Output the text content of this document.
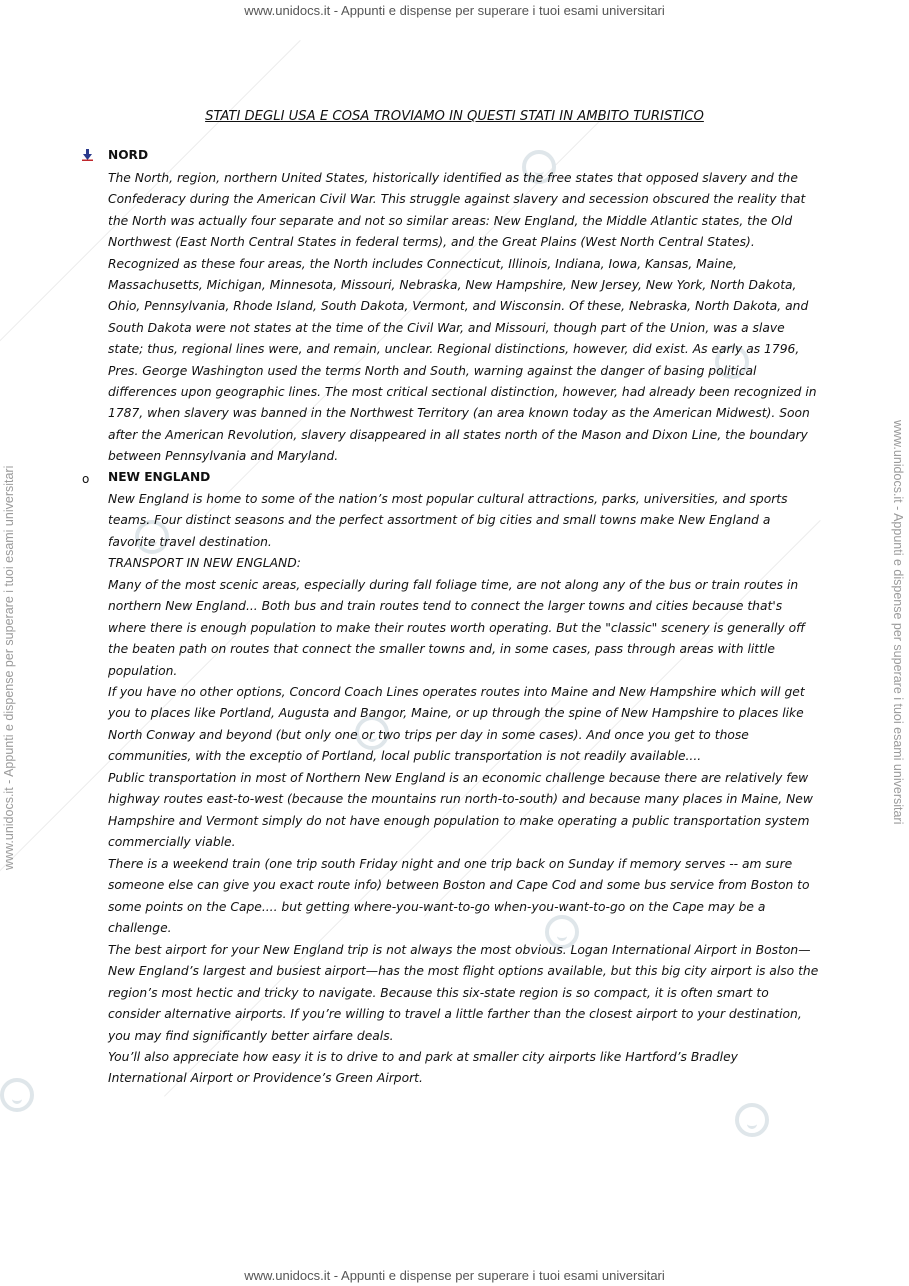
www.unidocs.it - Appunti e dispense per superare i tuoi esami universitari
www.unidocs.it - Appunti e dispense per superare i tuoi esami universitari
www.unidocs.it - Appunti e dispense per superare i tuoi esami universitari	www.unidocs.it - Appunti e dispense per superare i tuoi esami universitari
STATI DEGLI USA E COSA TROVIAMO IN QUESTI STATI IN AMBITO TURISTICO
NORD
The North, region, northern United States, historically identified as the free states that opposed slavery and the Confederacy during the American Civil War. This struggle against slavery and secession obscured the reality that the North was actually four separate and not so similar areas: New England, the Middle Atlantic states, the Old Northwest (East North Central States in federal terms), and the Great Plains (West North Central States). Recognized as these four areas, the North includes Connecticut, Illinois, Indiana, Iowa, Kansas, Maine, Massachusetts, Michigan, Minnesota, Missouri, Nebraska, New Hampshire, New Jersey, New York, North Dakota, Ohio, Pennsylvania, Rhode Island, South Dakota, Vermont, and Wisconsin. Of these, Nebraska, North Dakota, and South Dakota were not states at the time of the Civil War, and Missouri, though part of the Union, was a slave state; thus, regional lines were, and remain, unclear. Regional distinctions, however, did exist. As early as 1796, Pres. George Washington used the terms North and South, warning against the danger of basing political differences upon geographic lines. The most critical sectional distinction, however, had already been recognized in 1787, when slavery was banned in the Northwest Territory (an area known today as the American Midwest). Soon after the American Revolution, slavery disappeared in all states north of the Mason and Dixon Line, the boundary between Pennsylvania and Maryland.
o NEW ENGLAND
New England is home to some of the nation’s most popular cultural attractions, parks, universities, and sports teams. Four distinct seasons and the perfect assortment of big cities and small towns make New England a favorite travel destination.
TRANSPORT IN NEW ENGLAND:
Many of the most scenic areas, especially during fall foliage time, are not along any of the bus or train routes in northern New England... Both bus and train routes tend to connect the larger towns and cities because that's where there is enough population to make their routes worth operating. But the "classic" scenery is generally off the beaten path on routes that connect the smaller towns and, in some cases, pass through areas with little population.
If you have no other options, Concord Coach Lines operates routes into Maine and New Hampshire which will get you to places like Portland, Augusta and Bangor, Maine, or up through the spine of New Hampshire to places like North Conway and beyond (but only one or two trips per day in some cases). And once you get to those communities, with the exceptio of Portland, local public transportation is not readily available....
Public transportation in most of Northern New England is an economic challenge because there are relatively few highway routes east-to-west (because the mountains run north-to-south) and because many places in Maine, New Hampshire and Vermont simply do not have enough population to make operating a public transportation system commercially viable.
There is a weekend train (one trip south Friday night and one trip back on Sunday if memory serves -- am sure someone else can give you exact route info) between Boston and Cape Cod and some bus service from Boston to some points on the Cape.... but getting where-you-want-to-go when-you-want-to-go on the Cape may be a challenge.
The best airport for your New England trip is not always the most obvious. Logan International Airport in Boston—New England’s largest and busiest airport—has the most flight options available, but this big city airport is also the region’s most hectic and tricky to navigate. Because this six-state region is so compact, it is often smart to consider alternative airports. If you’re willing to travel a little farther than the closest airport to your destination, you may find significantly better airfare deals.
You’ll also appreciate how easy it is to drive to and park at smaller city airports like Hartford’s Bradley International Airport or Providence’s Green Airport.
